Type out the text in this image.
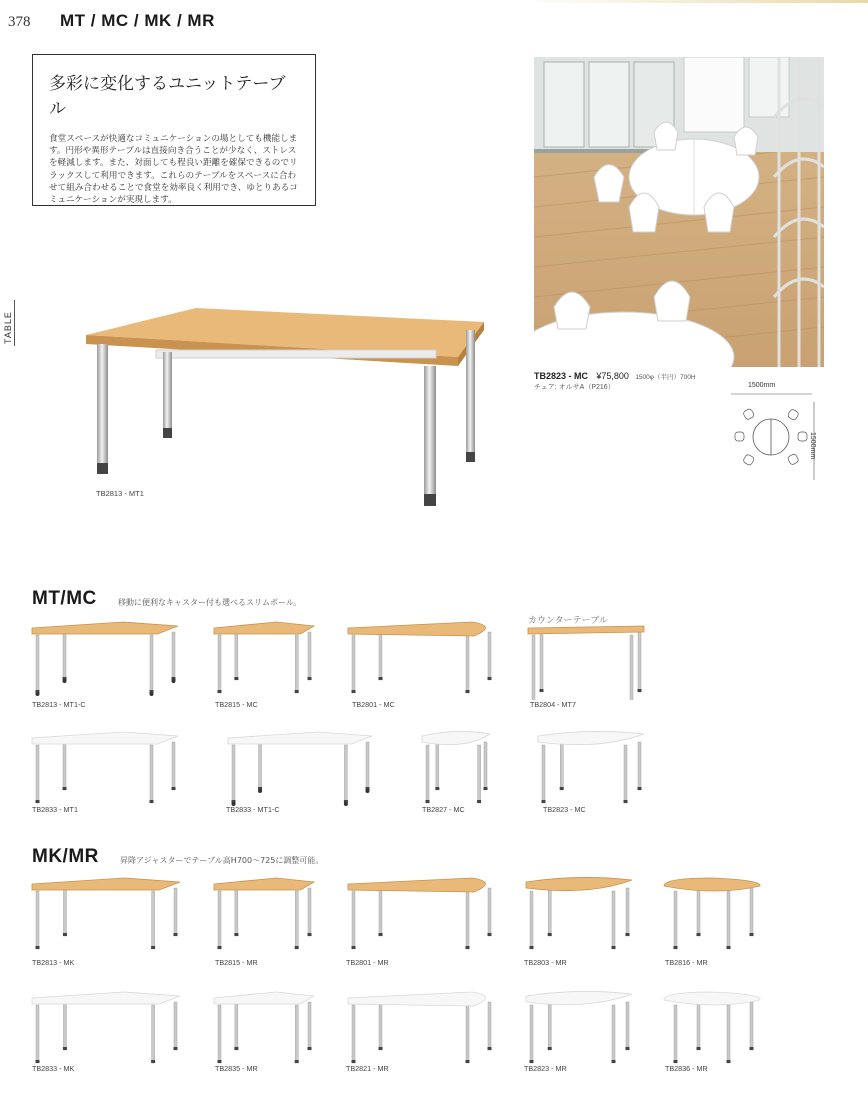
378 MT / MC / MK / MR
TABLE
多彩に変化するユニットテーブル
食堂スペースが快適なコミュニケーションの場としても機能します。円形や異形テーブルは直接向き合うことが少なく、ストレスを軽減します。また、対面しても程良い距離を確保できるのでリラックスして利用できます。これらのテーブルをスペースに合わせて組み合わせることで食堂を効率良く利用でき、ゆとりあるコミュニケーションが実現します。
TB2823 - MC ¥75,800 1500φ（半円）700H
チェア: オルサA（P216）	1500mm
1500mm
TB2813 - MT1
MT/MC	移動に便利なキャスター付も選べるスリムポール。
カウンターテーブル
TB2813 - MT1-C	TB2815 - MC	TB2801 - MC	TB2804 - MT7
TB2833 - MT1	TB2833 - MT1-C	TB2827 - MC	TB2823 - MC
MK/MR	昇降アジャスターでテーブル高H700～725に調整可能。
TB2813 - MK	TB2815 - MR	TB2801 - MR	TB2803 - MR	TB2816 - MR
TB2833 - MK	TB2835 - MR	TB2821 - MR	TB2823 - MR	TB2836 - MR
